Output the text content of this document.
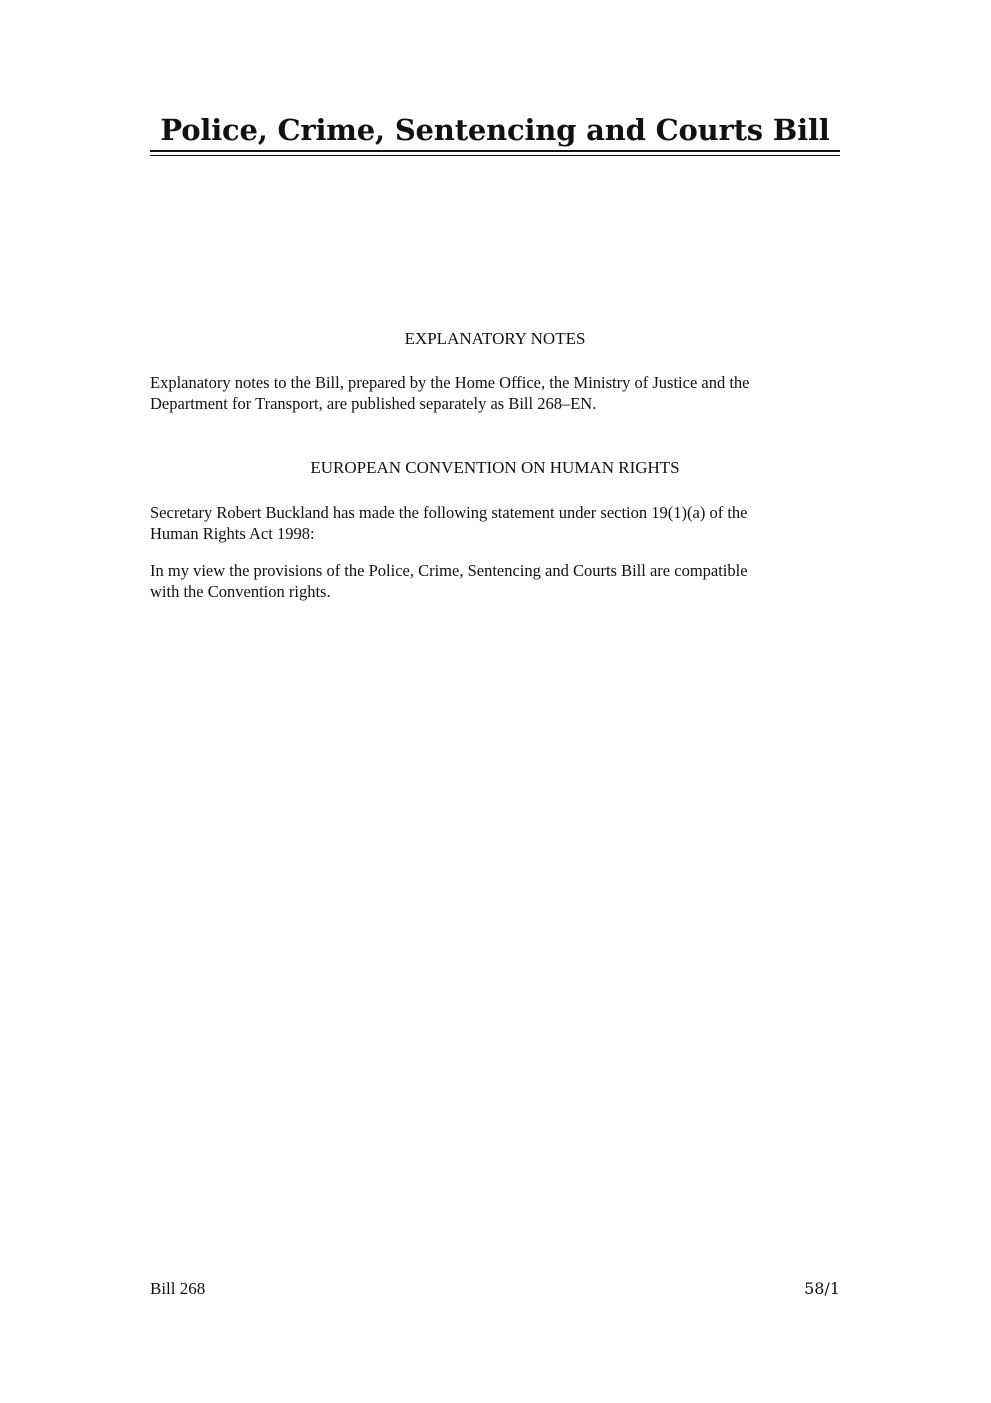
Police, Crime, Sentencing and Courts Bill
EXPLANATORY NOTES

Explanatory notes to the Bill, prepared by the Home Office, the Ministry of Justice and the
Department for Transport, are published separately as Bill 268–EN.

EUROPEAN CONVENTION ON HUMAN RIGHTS

Secretary Robert Buckland has made the following statement under section 19(1)(a) of the
Human Rights Act 1998:

In my view the provisions of the Police, Crime, Sentencing and Courts Bill are compatible
with the Convention rights.

Bill 268	58/1
